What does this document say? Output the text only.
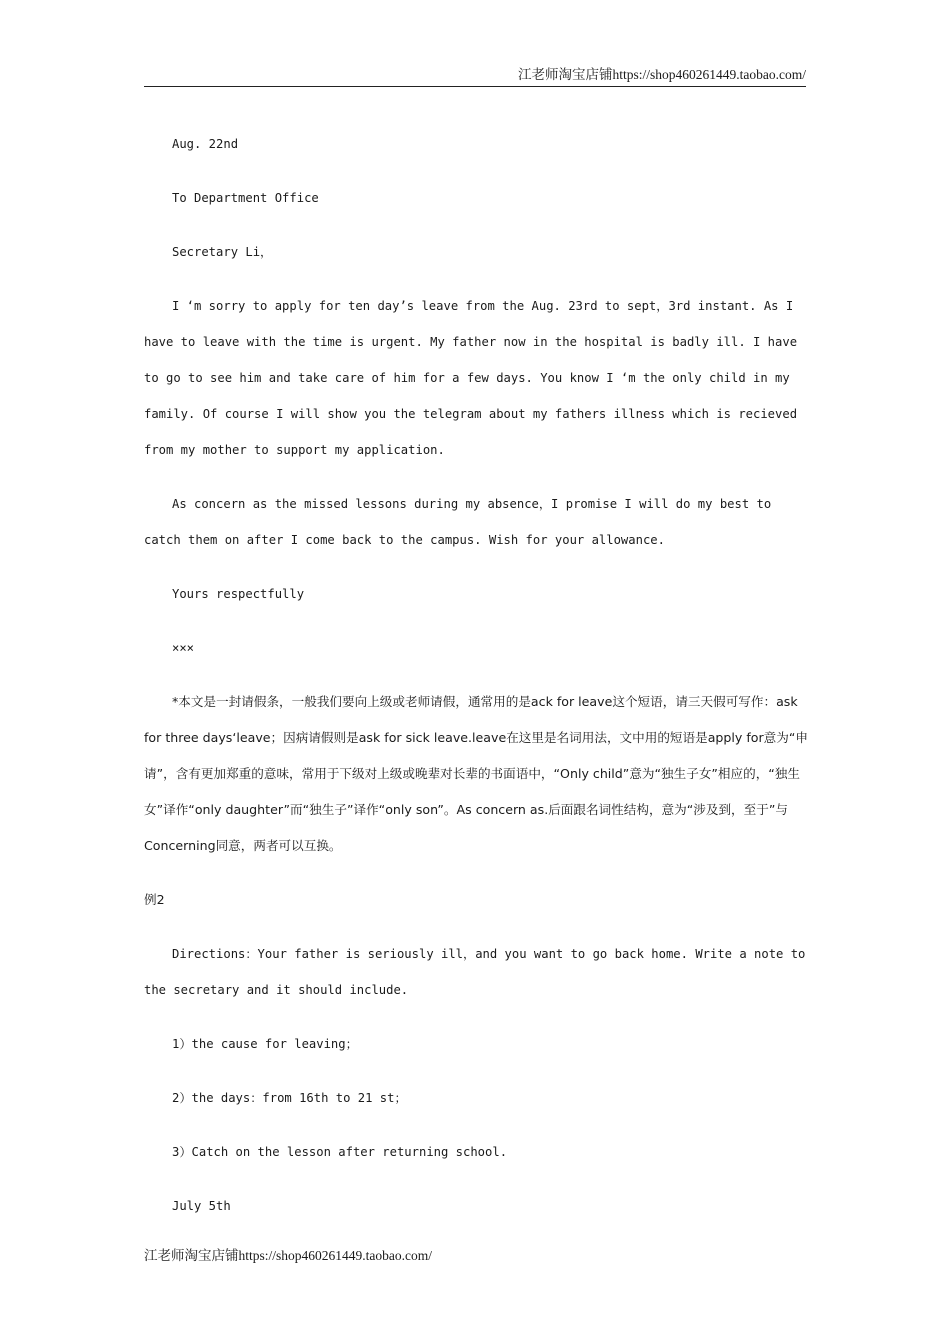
江老师淘宝店铺https://shop460261449.taobao.com/

Aug. 22nd

To Department Office

Secretary Li，

I ‘m sorry to apply for ten day’s leave from the Aug. 23rd to sept，3rd instant. As I have to leave with the time is urgent. My father now in the hospital is badly ill. I have to go to see him and take care of him for a few days. You know I ‘m the only child in my family. Of course I will show you the telegram about my fathers illness which is recieved from my mother to support my application.

As concern as the missed lessons during my absence，I promise I will do my best to catch them on after I come back to the campus. Wish for your allowance.

Yours respectfully

×××

*本文是一封请假条，一般我们要向上级或老师请假，通常用的是ack for leave这个短语，请三天假可写作：ask for three days‘leave；因病请假则是ask for sick leave.leave在这里是名词用法，文中用的短语是apply for意为“申请”，含有更加郑重的意味，常用于下级对上级或晚辈对长辈的书面语中，“Only child”意为“独生子女”相应的，“独生女”译作“only daughter”而“独生子”译作“only son”。As concern as.后面跟名词性结构，意为“涉及到，至于”与Concerning同意，两者可以互换。

例2

Directions：Your father is seriously ill，and you want to go back home. Write a note to the secretary and it should include.

1）the cause for leaving；

2）the days：from 16th to 21 st；

3）Catch on the lesson after returning school.

July 5th

江老师淘宝店铺https://shop460261449.taobao.com/
